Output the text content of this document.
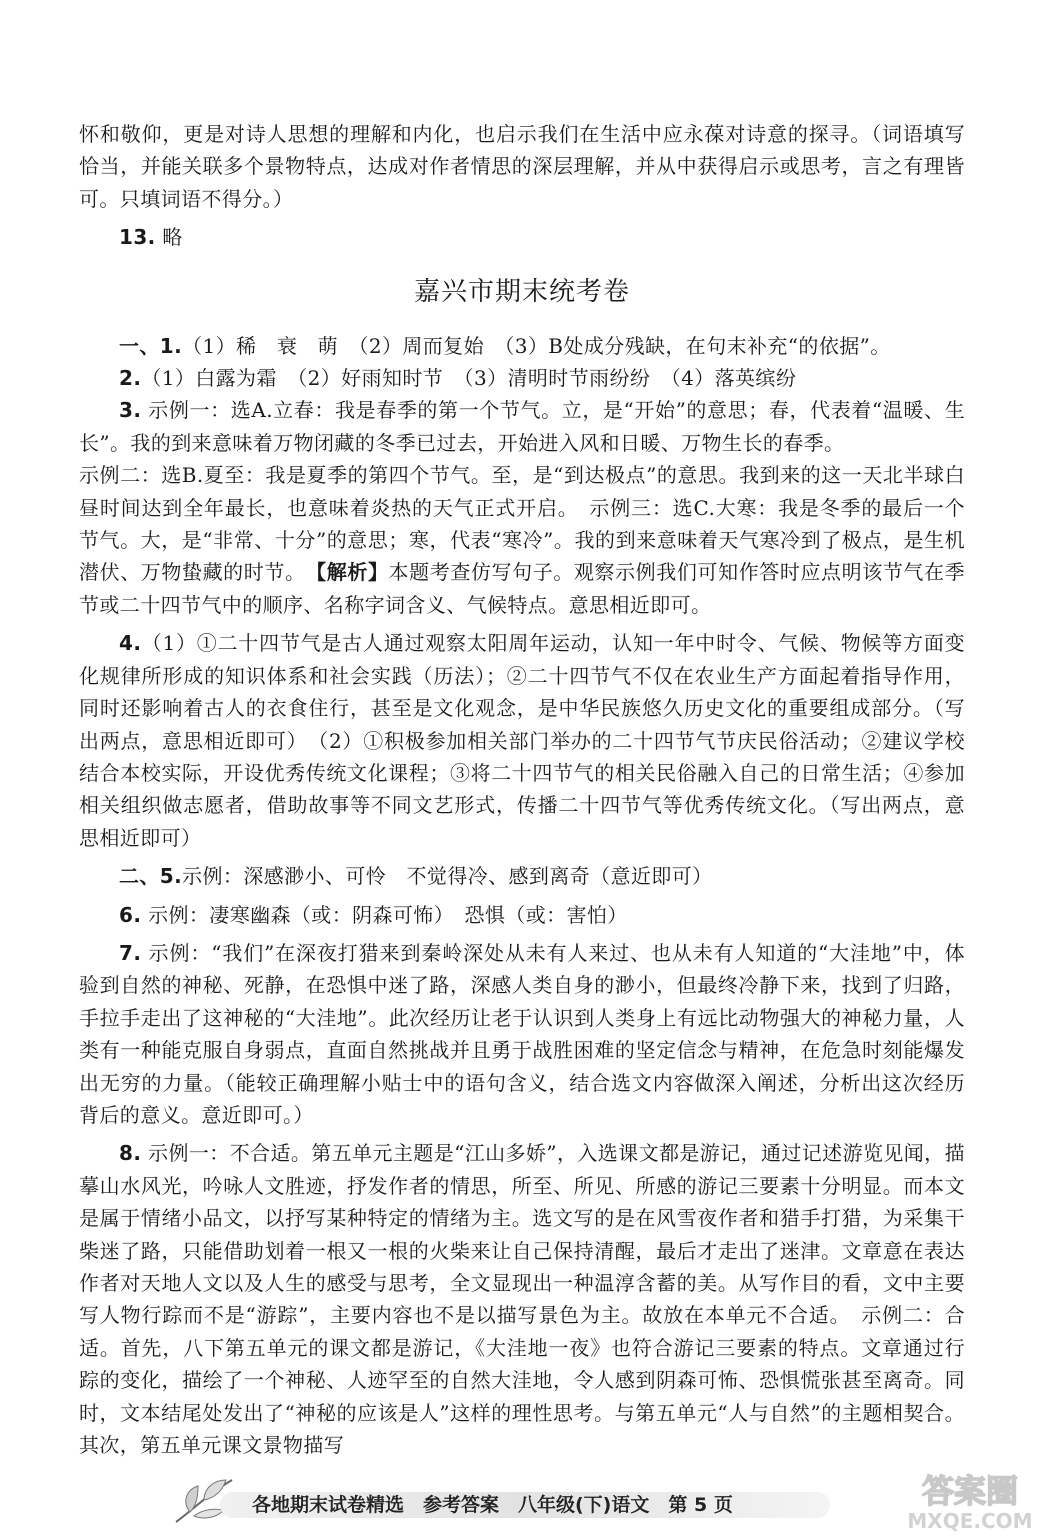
怀和敬仰，更是对诗人思想的理解和内化，也启示我们在生活中应永葆对诗意的探寻。（词语填写恰当，并能关联多个景物特点，达成对作者情思的深层理解，并从中获得启示或思考，言之有理皆可。只填词语不得分。）

13. 略

嘉兴市期末统考卷

一、1.（1）稀　衰　萌　（2）周而复始　（3）B处成分残缺，在句末补充“的依据”。

2.（1）白露为霜　（2）好雨知时节　（3）清明时节雨纷纷　（4）落英缤纷

3. 示例一：选A.立春：我是春季的第一个节气。立，是“开始”的意思；春，代表着“温暖、生长”。我的到来意味着万物闭藏的冬季已过去，开始进入风和日暖、万物生长的春季。

示例二：选B.夏至：我是夏季的第四个节气。至，是“到达极点”的意思。我到来的这一天北半球白昼时间达到全年最长，也意味着炎热的天气正式开启。　示例三：选C.大寒：我是冬季的最后一个节气。大，是“非常、十分”的意思；寒，代表“寒冷”。我的到来意味着天气寒冷到了极点，是生机潜伏、万物蛰藏的时节。　 【解析】本题考查仿写句子。观察示例我们可知作答时应点明该节气在季节或二十四节气中的顺序、名称字词含义、气候特点。意思相近即可。

4.（1）①二十四节气是古人通过观察太阳周年运动，认知一年中时令、气候、物候等方面变化规律所形成的知识体系和社会实践（历法）；②二十四节气不仅在农业生产方面起着指导作用，同时还影响着古人的衣食住行，甚至是文化观念，是中华民族悠久历史文化的重要组成部分。（写出两点，意思相近即可）　（2）①积极参加相关部门举办的二十四节气节庆民俗活动；②建议学校结合本校实际，开设优秀传统文化课程；③将二十四节气的相关民俗融入自己的日常生活；④参加相关组织做志愿者，借助故事等不同文艺形式，传播二十四节气等优秀传统文化。（写出两点，意思相近即可）

二、5.示例：深感渺小、可怜　不觉得冷、感到离奇（意近即可）

6. 示例：凄寒幽森（或：阴森可怖）　恐惧（或：害怕）

7. 示例：“我们”在深夜打猎来到秦岭深处从未有人来过、也从未有人知道的“大洼地”中，体验到自然的神秘、死静，在恐惧中迷了路，深感人类自身的渺小，但最终冷静下来，找到了归路，手拉手走出了这神秘的“大洼地”。此次经历让老于认识到人类身上有远比动物强大的神秘力量，人类有一种能克服自身弱点，直面自然挑战并且勇于战胜困难的坚定信念与精神，在危急时刻能爆发出无穷的力量。（能较正确理解小贴士中的语句含义，结合选文内容做深入阐述，分析出这次经历背后的意义。意近即可。）

8. 示例一：不合适。第五单元主题是“江山多娇”，入选课文都是游记，通过记述游览见闻，描摹山水风光，吟咏人文胜迹，抒发作者的情思，所至、所见、所感的游记三要素十分明显。而本文是属于情绪小品文，以抒写某种特定的情绪为主。选文写的是在风雪夜作者和猎手打猎，为采集干柴迷了路，只能借助划着一根又一根的火柴来让自己保持清醒，最后才走出了迷津。文章意在表达作者对天地人文以及人生的感受与思考，全文显现出一种温淳含蓄的美。从写作目的看，文中主要写人物行踪而不是“游踪”，主要内容也不是以描写景色为主。故放在本单元不合适。　示例二：合适。首先，八下第五单元的课文都是游记，《大洼地一夜》也符合游记三要素的特点。文章通过行踪的变化，描绘了一个神秘、人迹罕至的自然大洼地，令人感到阴森可怖、恐惧慌张甚至离奇。同时，文本结尾处发出了“神秘的应该是人”这样的理性思考。与第五单元“人与自然”的主题相契合。其次，第五单元课文景物描写

各地期末试卷精选　参考答案　八年级(下)语文　第 5 页	答案圈
MXQE.COM
